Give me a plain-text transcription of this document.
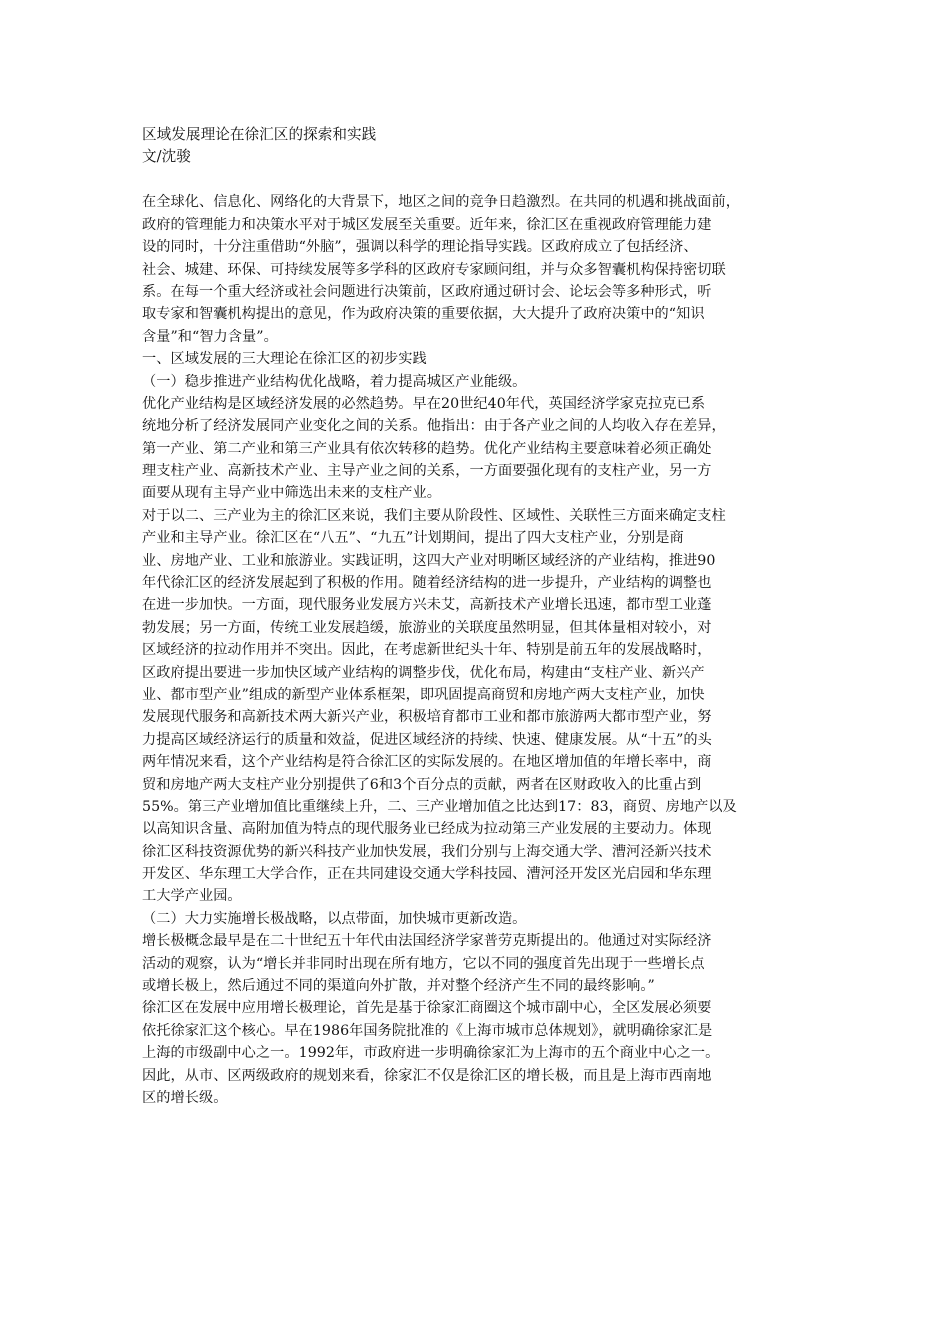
区域发展理论在徐汇区的探索和实践
文/沈骏
在全球化、信息化、网络化的大背景下，地区之间的竞争日趋激烈。在共同的机遇和挑战面前，
政府的管理能力和决策水平对于城区发展至关重要。近年来，徐汇区在重视政府管理能力建
设的同时，十分注重借助“外脑”，强调以科学的理论指导实践。区政府成立了包括经济、
社会、城建、环保、可持续发展等多学科的区政府专家顾问组，并与众多智囊机构保持密切联
系。在每一个重大经济或社会问题进行决策前，区政府通过研讨会、论坛会等多种形式，听
取专家和智囊机构提出的意见，作为政府决策的重要依据，大大提升了政府决策中的“知识
含量”和“智力含量”。
一、区域发展的三大理论在徐汇区的初步实践
（一）稳步推进产业结构优化战略，着力提高城区产业能级。
优化产业结构是区域经济发展的必然趋势。早在20世纪40年代，英国经济学家克拉克已系
统地分析了经济发展同产业变化之间的关系。他指出：由于各产业之间的人均收入存在差异，
第一产业、第二产业和第三产业具有依次转移的趋势。优化产业结构主要意味着必须正确处
理支柱产业、高新技术产业、主导产业之间的关系，一方面要强化现有的支柱产业，另一方
面要从现有主导产业中筛选出未来的支柱产业。
对于以二、三产业为主的徐汇区来说，我们主要从阶段性、区域性、关联性三方面来确定支柱
产业和主导产业。徐汇区在“八五”、“九五”计划期间，提出了四大支柱产业，分别是商
业、房地产业、工业和旅游业。实践证明，这四大产业对明晰区域经济的产业结构，推进90
年代徐汇区的经济发展起到了积极的作用。随着经济结构的进一步提升，产业结构的调整也
在进一步加快。一方面，现代服务业发展方兴未艾，高新技术产业增长迅速，都市型工业蓬
勃发展；另一方面，传统工业发展趋缓，旅游业的关联度虽然明显，但其体量相对较小，对
区域经济的拉动作用并不突出。因此，在考虑新世纪头十年、特别是前五年的发展战略时，
区政府提出要进一步加快区域产业结构的调整步伐，优化布局，构建由“支柱产业、新兴产
业、都市型产业”组成的新型产业体系框架，即巩固提高商贸和房地产两大支柱产业，加快
发展现代服务和高新技术两大新兴产业，积极培育都市工业和都市旅游两大都市型产业，努
力提高区域经济运行的质量和效益，促进区域经济的持续、快速、健康发展。从“十五”的头
两年情况来看，这个产业结构是符合徐汇区的实际发展的。在地区增加值的年增长率中，商
贸和房地产两大支柱产业分别提供了6和3个百分点的贡献，两者在区财政收入的比重占到
55%。第三产业增加值比重继续上升，二、三产业增加值之比达到17：83，商贸、房地产以及
以高知识含量、高附加值为特点的现代服务业已经成为拉动第三产业发展的主要动力。体现
徐汇区科技资源优势的新兴科技产业加快发展，我们分别与上海交通大学、漕河泾新兴技术
开发区、华东理工大学合作，正在共同建设交通大学科技园、漕河泾开发区光启园和华东理
工大学产业园。
（二）大力实施增长极战略，以点带面，加快城市更新改造。
增长极概念最早是在二十世纪五十年代由法国经济学家普劳克斯提出的。他通过对实际经济
活动的观察，认为“增长并非同时出现在所有地方，它以不同的强度首先出现于一些增长点
或增长极上，然后通过不同的渠道向外扩散，并对整个经济产生不同的最终影响。”
徐汇区在发展中应用增长极理论，首先是基于徐家汇商圈这个城市副中心，全区发展必须要
依托徐家汇这个核心。早在1986年国务院批准的《上海市城市总体规划》，就明确徐家汇是
上海的市级副中心之一。1992年，市政府进一步明确徐家汇为上海市的五个商业中心之一。
因此，从市、区两级政府的规划来看，徐家汇不仅是徐汇区的增长极，而且是上海市西南地
区的增长级。
